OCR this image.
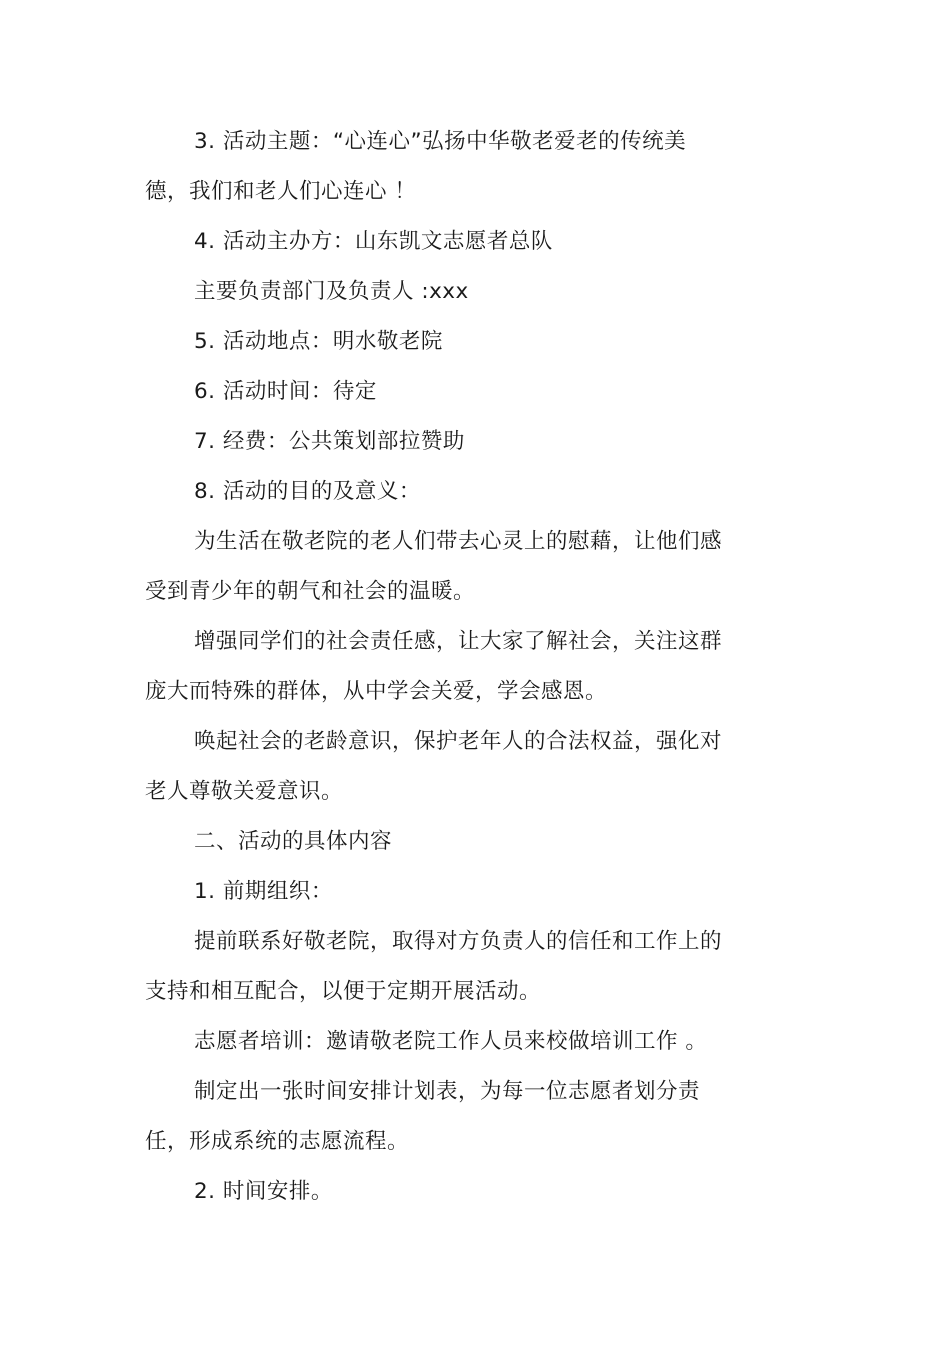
3. 活动主题：“心连心”弘扬中华敬老爱老的传统美
德，我们和老人们心连心 ！
4. 活动主办方：山东凯文志愿者总队
主要负责部门及负责人 :xxx
5. 活动地点：明水敬老院
6. 活动时间：待定
7. 经费：公共策划部拉赞助
8. 活动的目的及意义：
为生活在敬老院的老人们带去心灵上的慰藉，让他们感
受到青少年的朝气和社会的温暖。
增强同学们的社会责任感，让大家了解社会，关注这群
庞大而特殊的群体，从中学会关爱，学会感恩。
唤起社会的老龄意识，保护老年人的合法权益，强化对
老人尊敬关爱意识。
二、活动的具体内容
1. 前期组织：
提前联系好敬老院，取得对方负责人的信任和工作上的
支持和相互配合，以便于定期开展活动。
志愿者培训：邀请敬老院工作人员来校做培训工作 。
制定出一张时间安排计划表，为每一位志愿者划分责
任，形成系统的志愿流程。
2. 时间安排。
